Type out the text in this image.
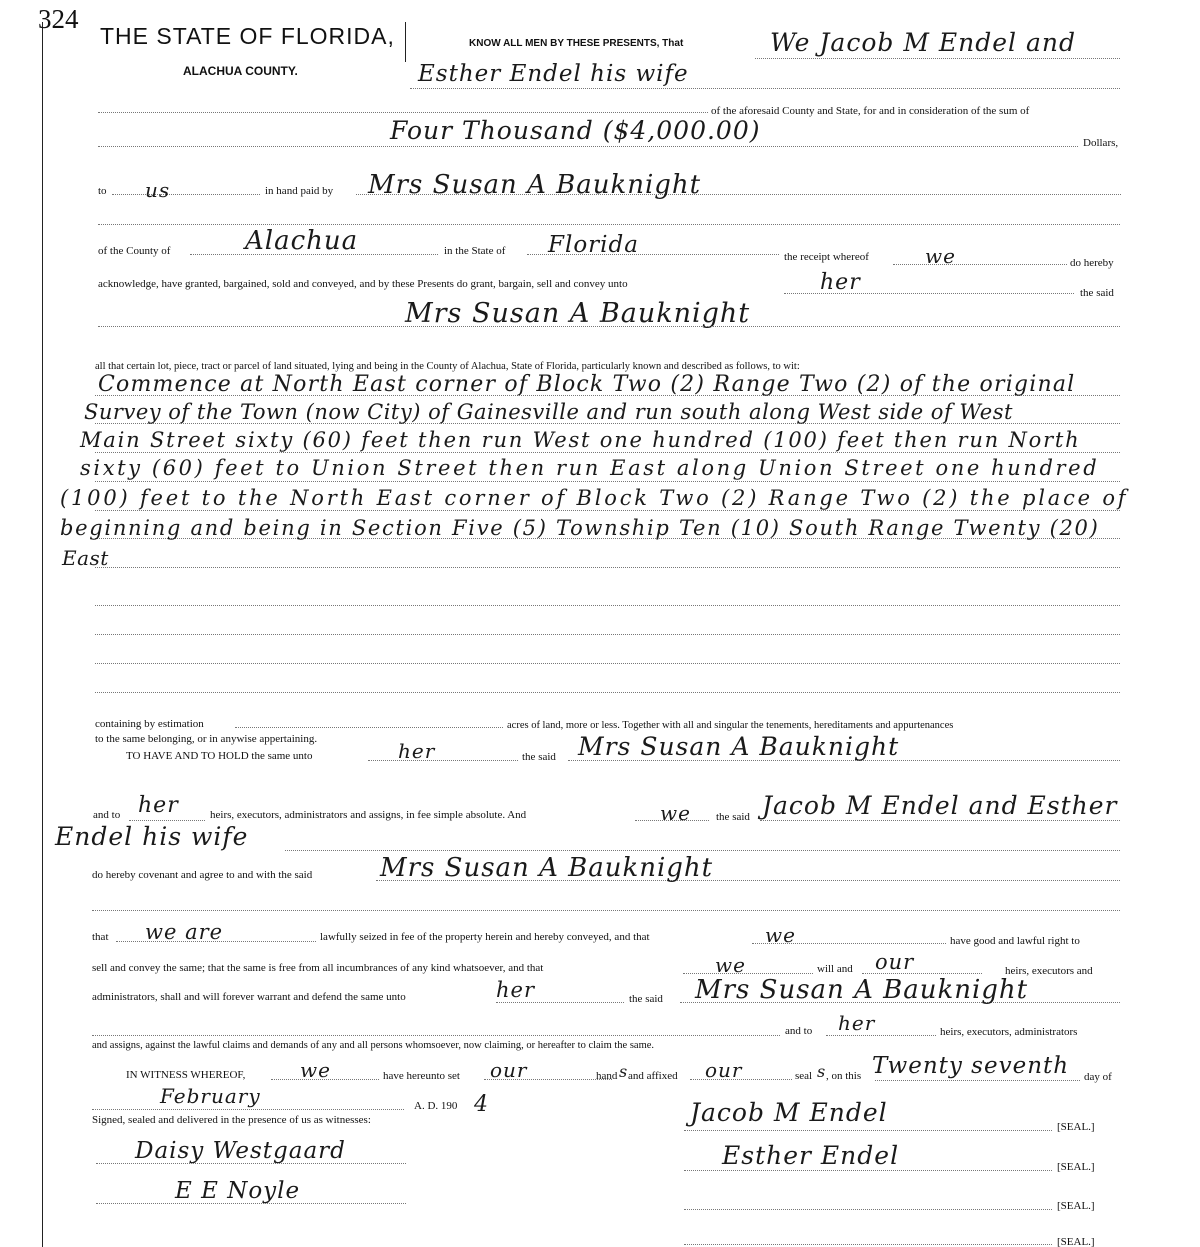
324
THE STATE OF FLORIDA,
ALACHUA COUNTY.
KNOW ALL MEN BY THESE PRESENTS, That	We Jacob M Endel and
Esther Endel his wife
of the aforesaid County and State, for and in consideration of the sum of
Four Thousand ($4,000.00)	Dollars,
to us	in hand paid by Mrs Susan A Bauknight
of the County of	Alachua	in the State of Florida	the receipt whereof	we	do hereby
acknowledge, have granted, bargained, sold and conveyed, and by these Presents do grant, bargain, sell and convey unto	her	the said
Mrs Susan A Bauknight
all that certain lot, piece, tract or parcel of land situated, lying and being in the County of Alachua, State of Florida, particularly known and described as follows, to wit:
Commence at North East corner of Block Two (2) Range Two (2) of the original
Survey of the Town (now City) of Gainesville and run south along West side of West
Main Street sixty (60) feet then run West one hundred (100) feet then run North
sixty (60) feet to Union Street then run East along Union Street one hundred
(100) feet to the North East corner of Block Two (2) Range Two (2) the place of
beginning and being in Section Five (5) Township Ten (10) South Range Twenty (20)
East
containing by estimation	acres of land, more or less. Together with all and singular the tenements, hereditaments and appurtenances
to the same belonging, or in anywise appertaining.
TO HAVE AND TO HOLD the same unto	her	the said Mrs Susan A Bauknight
and to her	heirs, executors, administrators and assigns, in fee simple absolute. And	we the said Jacob M Endel and Esther
Endel his wife
do hereby covenant and agree to and with the said	Mrs Susan A Bauknight
that we are	lawfully seized in fee of the property herein and hereby conveyed, and that	we	have good and lawful right to
sell and convey the same; that the same is free from all incumbrances of any kind whatsoever, and that	we	will and our	heirs, executors and
administrators, shall and will forever warrant and defend the same unto	her	the said Mrs Susan A Bauknight
and to her	heirs, executors, administrators
and assigns, against the lawful claims and demands of any and all persons whomsoever, now claiming, or hereafter to claim the same.
IN WITNESS WHEREOF,	we	have hereunto set our	hand s and affixed our	seal s , on this Twenty seventh day of
February	A. D. 190 4
Signed, sealed and delivered in the presence of us as witnesses:
Daisy Westgaard
E E Noyle
Jacob M Endel	[SEAL.]
Esther Endel	[SEAL.]
[SEAL.]
[SEAL.]
